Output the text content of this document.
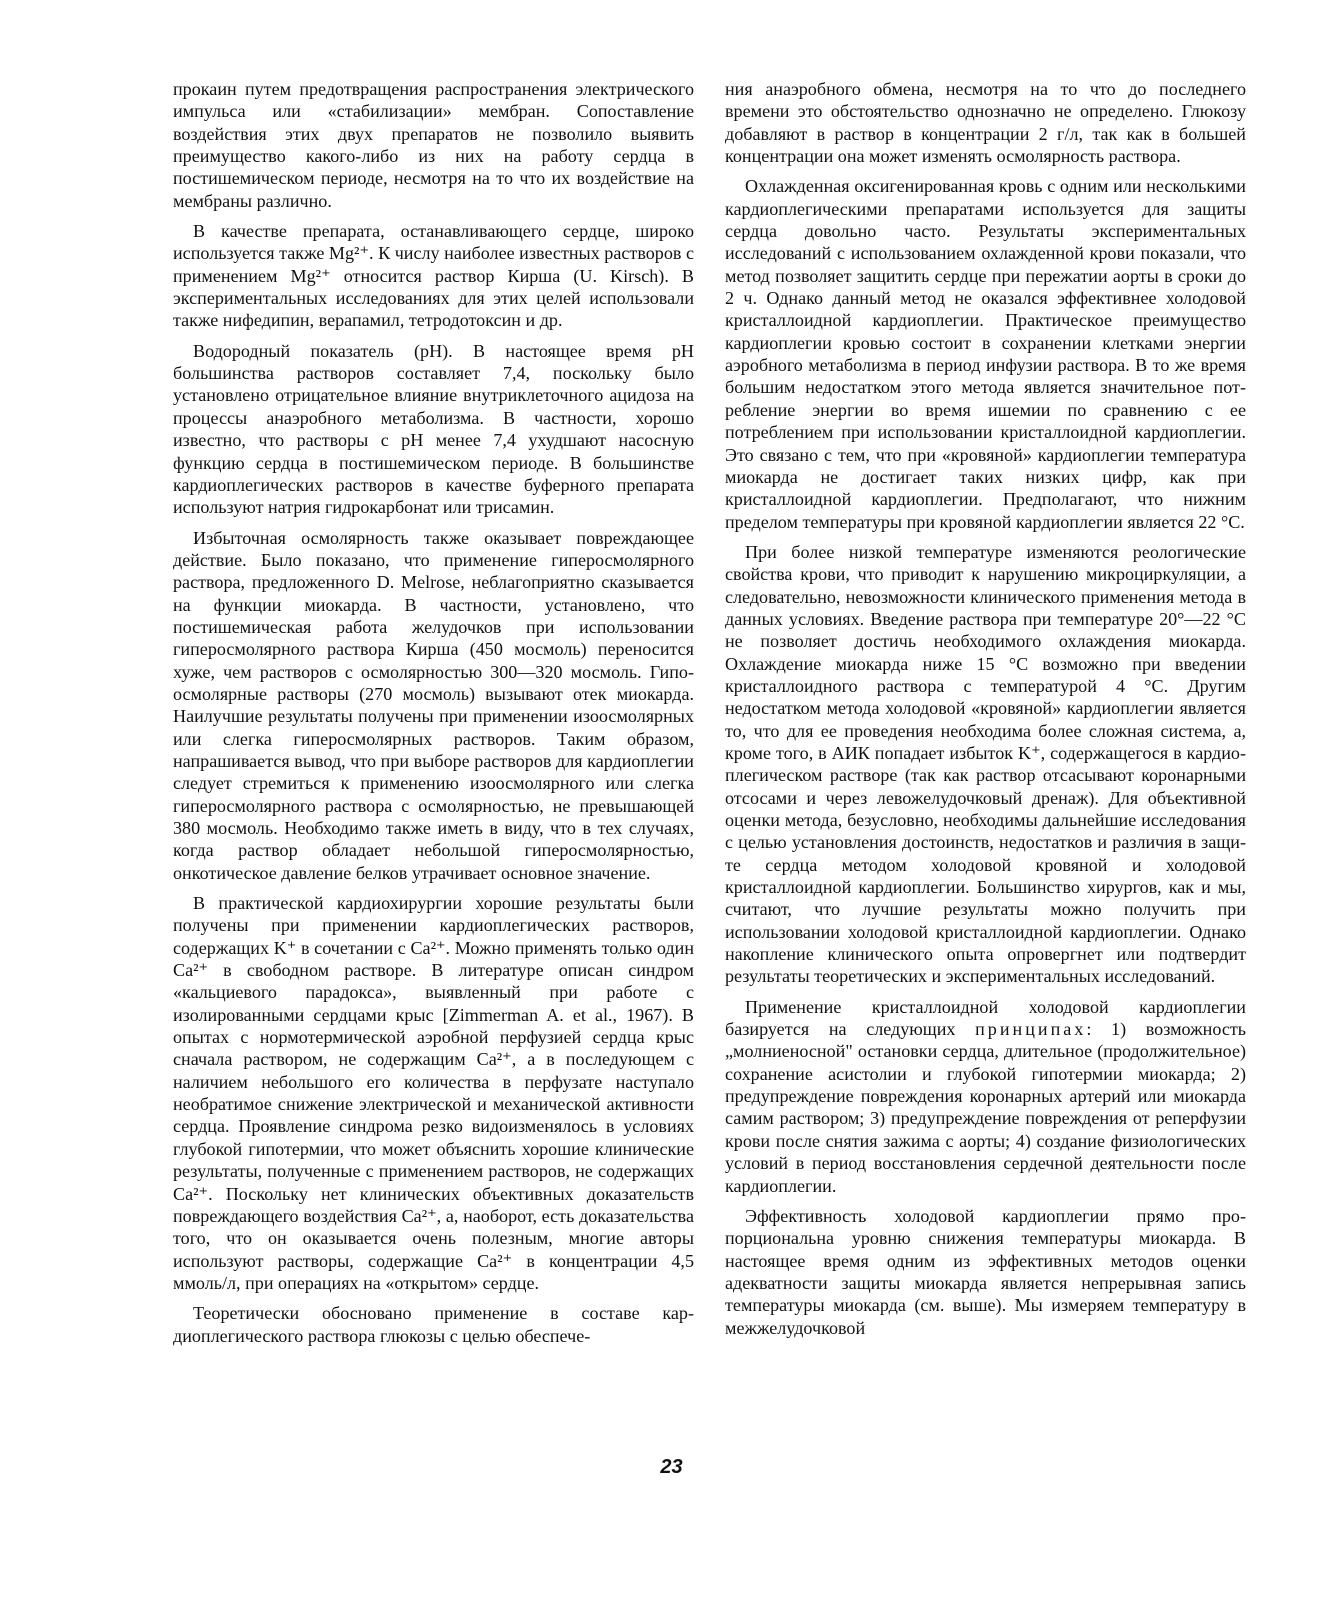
прокаин путем предотвращения распространения электрического импульса или «стабилизации» мембран. Сопоставление воздействия этих двух препаратов не позволило выявить преимущество какого-либо из них на работу сердца в постишемическом периоде, несмотря на то что их воздействие на мембраны различно.

В качестве препарата, останавливающего сердце, широко используется также Mg²⁺. К числу наиболее известных растворов с применением Mg²⁺ относится раствор Кирша (U. Kirsch). В экспериментальных исследованиях для этих целей использовали также нифедипин, верапамил, тетродотоксин и др.

Водородный показатель (pH). В настоящее время pH большинства растворов составляет 7,4, поскольку было установлено отрицательное влияние внутриклеточного ацидоза на процессы анаэробного метаболизма. В частности, хорошо известно, что растворы с pH менее 7,4 ухудшают насосную функцию сердца в постишемическом периоде. В большинстве кардиоплегических растворов в качестве буферного препарата используют натрия гидрокарбонат или трисамин.

Избыточная осмолярность также оказывает повреждающее действие. Было показано, что применение гиперосмолярного раствора, предложенного D. Melrose, неблагоприятно сказывается на функции миокарда. В частности, установлено, что постишемическая работа желудочков при использовании гиперосмолярного раствора Кирша (450 мосмоль) переносится хуже, чем растворов с осмолярностью 300—320 мосмоль. Гипоосмолярные растворы (270 мосмоль) вызывают отек миокарда. Наилучшие результаты получены при применении изоосмолярных или слегка гиперосмолярных растворов. Таким образом, напрашивается вывод, что при выборе растворов для кардиоплегии следует стремиться к применению изоосмолярного или слегка гиперосмолярного раствора с осмолярностью, не превышающей 380 мосмоль. Необходимо также иметь в виду, что в тех случаях, когда раствор обладает небольшой гиперосмолярностью, онкотическое давление белков утрачивает основное значение.

В практической кардиохирургии хорошие результаты были получены при применении кардиоплегических растворов, содержащих K⁺ в сочетании с Ca²⁺. Можно применять только один Ca²⁺ в свободном растворе. В литературе описан синдром «кальциевого парадокса», выявленный при работе с изолированными сердцами крыс [Zimmerman A. et al., 1967). В опытах с нормотермической аэробной перфузией сердца крыс сначала раствором, не содержащим Ca²⁺, а в последующем с наличием небольшого его количества в перфузате наступало необратимое снижение электрической и механической активности сердца. Проявление синдрома резко видоизменялось в условиях глубокой гипотермии, что может объяснить хорошие клинические результаты, полученные с применением растворов, не содержащих Ca²⁺. Поскольку нет клинических объективных доказательств повреждающего воздействия Ca²⁺, а, наоборот, есть доказательства того, что он оказывается очень полезным, многие авторы используют растворы, содержащие Ca²⁺ в концентрации 4,5 ммоль/л, при операциях на «открытом» сердце.

Теоретически обосновано применение в составе кардиоплегического раствора глюкозы с целью обеспече-

ния анаэробного обмена, несмотря на то что до последнего времени это обстоятельство однозначно не определено. Глюкозу добавляют в раствор в концентрации 2 г/л, так как в большей концентрации она может изменять осмолярность раствора.

Охлажденная оксигенированная кровь с одним или несколькими кардиоплегическими препаратами используется для защиты сердца довольно часто. Результаты экспериментальных исследований с использованием охлажденной крови показали, что метод позволяет защитить сердце при пережатии аорты в сроки до 2 ч. Однако данный метод не оказался эффективнее холодовой кристаллоидной кардиоплегии. Практическое преимущество кардиоплегии кровью состоит в сохранении клетками энергии аэробного метаболизма в период инфузии раствора. В то же время большим недостатком этого метода является значительное потребление энергии во время ишемии по сравнению с ее потреблением при использовании кристаллоидной кардиоплегии. Это связано с тем, что при «кровяной» кардиоплегии температура миокарда не достигает таких низких цифр, как при кристаллоидной кардиоплегии. Предполагают, что нижним пределом температуры при кровяной кардиоплегии является 22 °С.

При более низкой температуре изменяются реологические свойства крови, что приводит к нарушению микроциркуляции, а следовательно, невозможности клинического применения метода в данных условиях. Введение раствора при температуре 20°—22 °С не позволяет достичь необходимого охлаждения миокарда. Охлаждение миокарда ниже 15 °С возможно при введении кристаллоидного раствора с температурой 4 °С. Другим недостатком метода холодовой «кровяной» кардиоплегии является то, что для ее проведения необходима более сложная система, а, кроме того, в АИК попадает избыток K⁺, содержащегося в кардиоплегическом растворе (так как раствор отсасывают коронарными отсосами и через левожелудочковый дренаж). Для объективной оценки метода, безусловно, необходимы дальнейшие исследования с целью установления достоинств, недостатков и различия в защите сердца методом холодовой кровяной и холодовой кристаллоидной кардиоплегии. Большинство хирургов, как и мы, считают, что лучшие результаты можно получить при использовании холодовой кристаллоидной кардиоплегии. Однако накопление клинического опыта опровергнет или подтвердит результаты теоретических и экспериментальных исследований.

Применение кристаллоидной холодовой кардиоплегии базируется на следующих принципах: 1) возможность „молниеносной" остановки сердца, длительное (продолжительное) сохранение асистолии и глубокой гипотермии миокарда; 2) предупреждение повреждения коронарных артерий или миокарда самим раствором; 3) предупреждение повреждения от реперфузии крови после снятия зажима с аорты; 4) создание физиологических условий в период восстановления сердечной деятельности после кардиоплегии.

Эффективность холодовой кардиоплегии прямо пропорциональна уровню снижения температуры миокарда. В настоящее время одним из эффективных методов оценки адекватности защиты миокарда является непрерывная запись температуры миокарда (см. выше). Мы измеряем температуру в межжелудочковой

23
